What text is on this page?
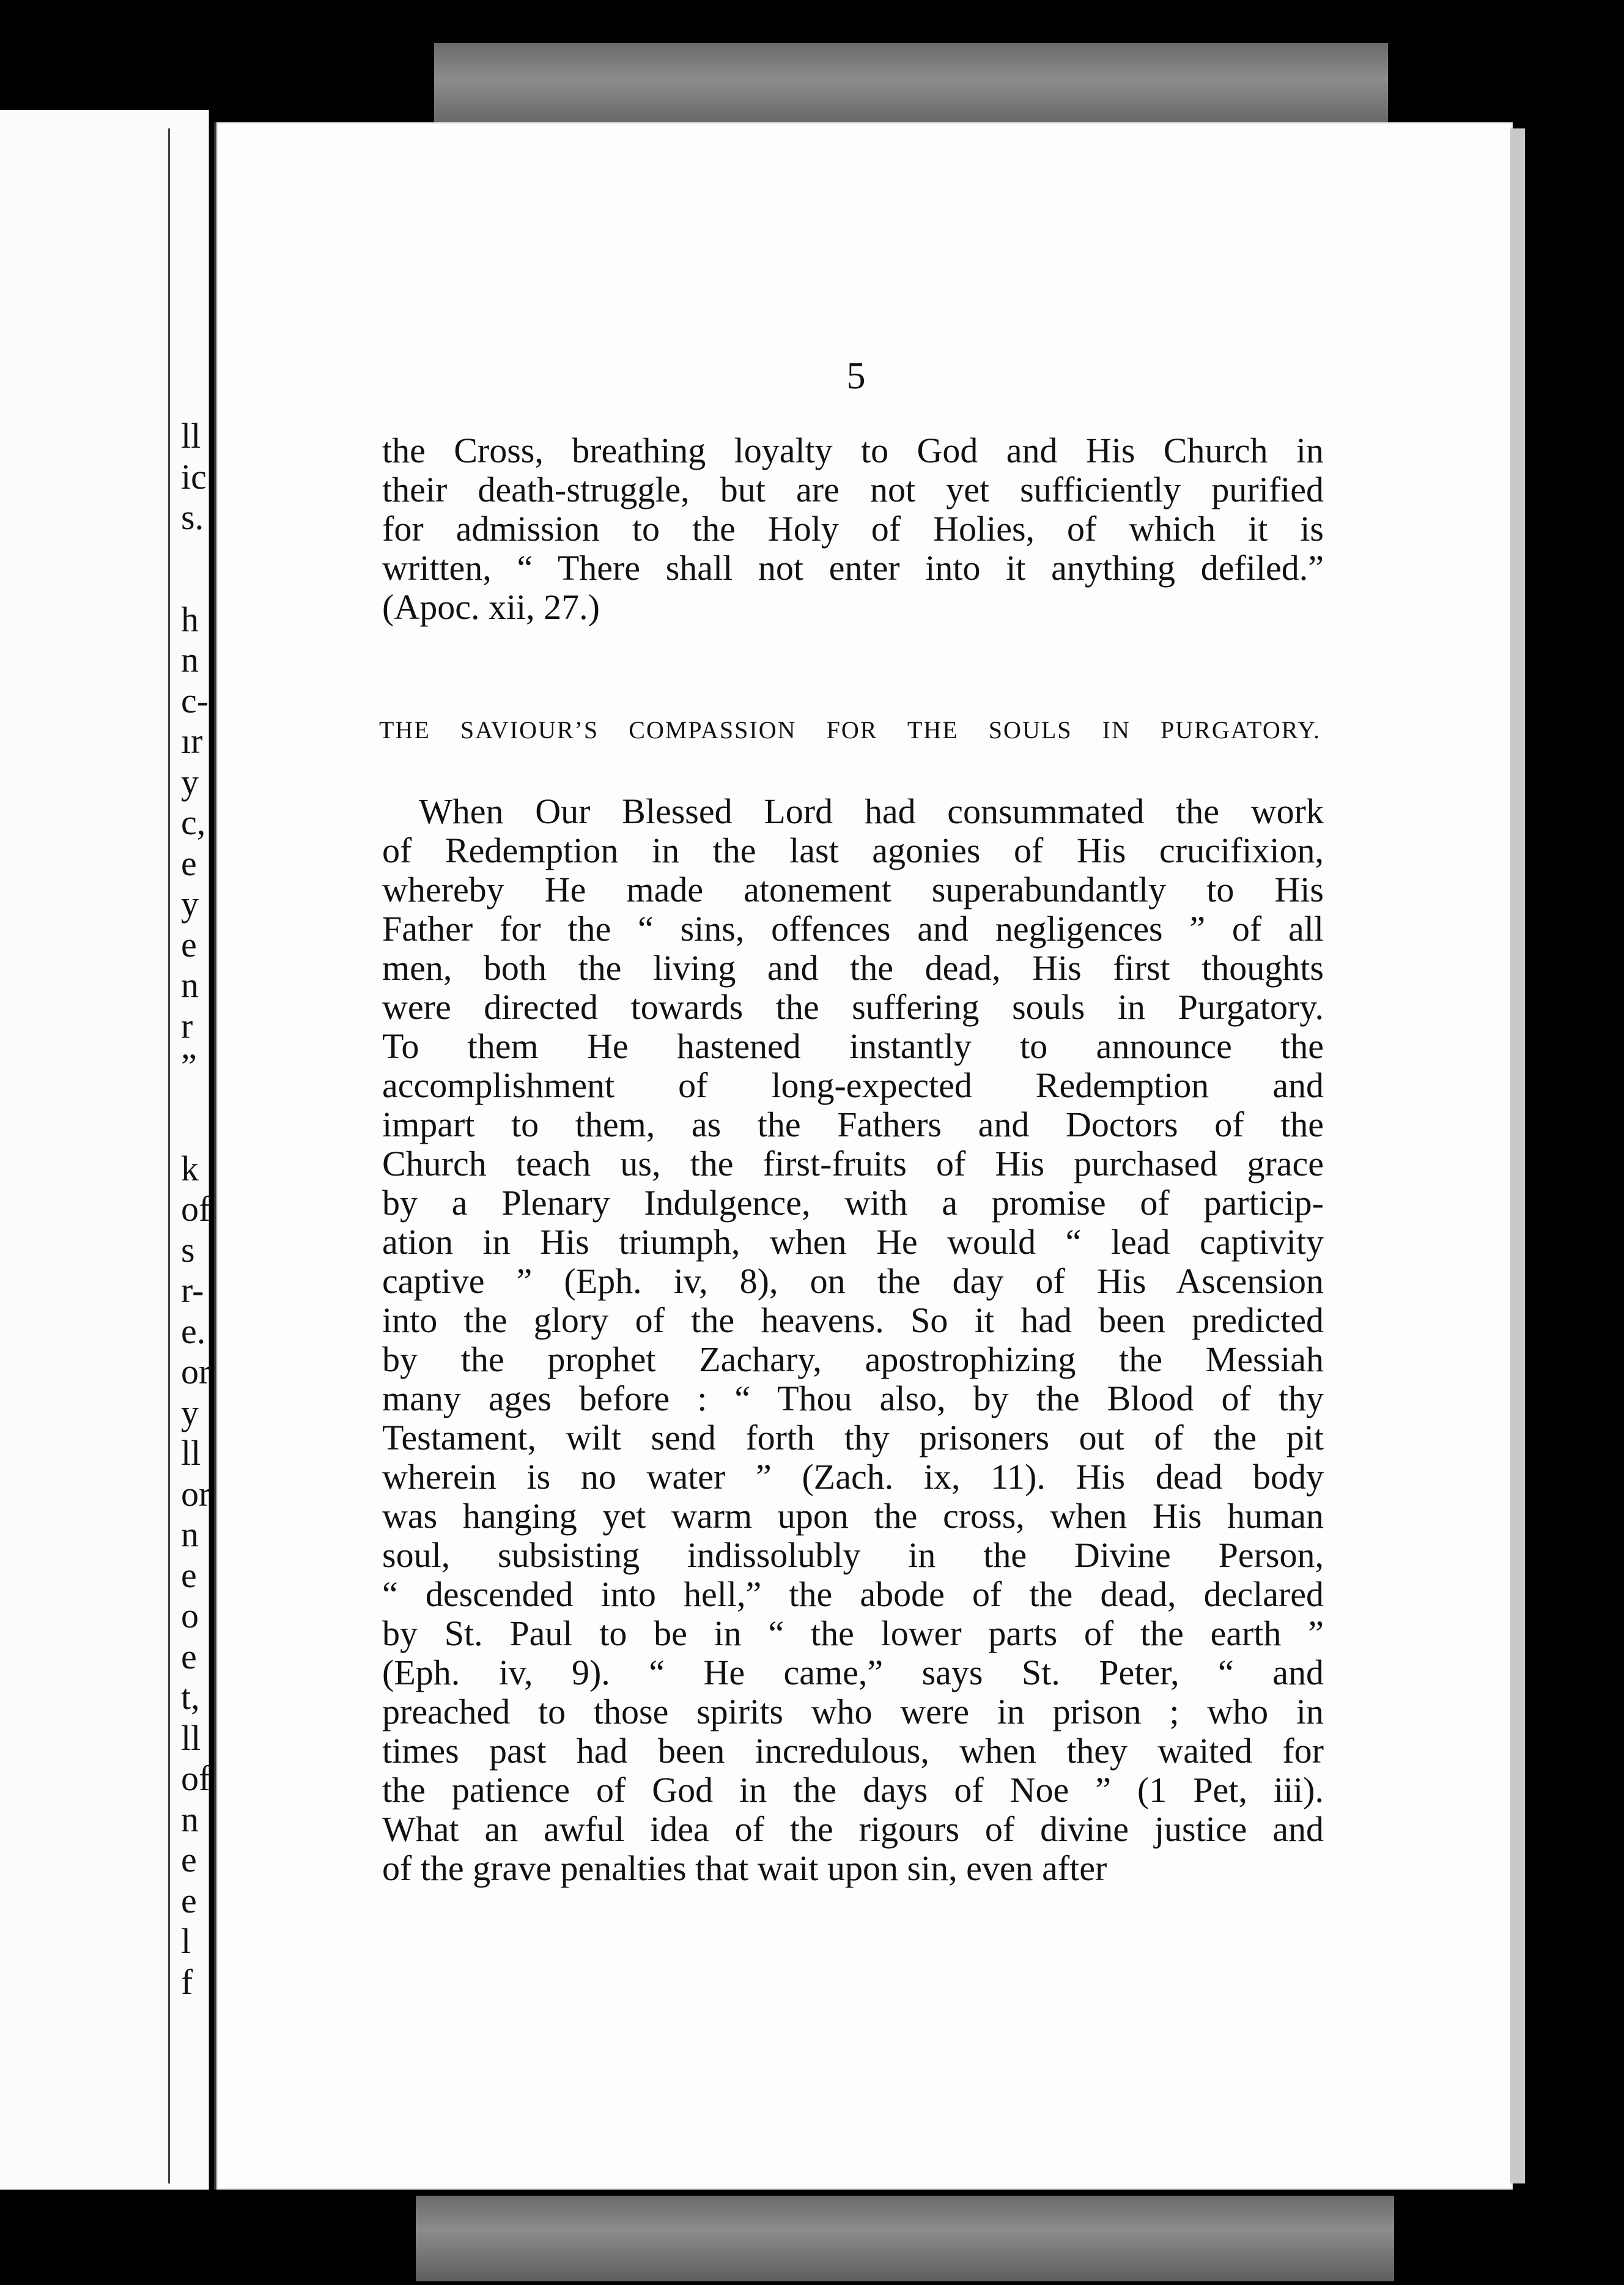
ll
ic
s.
h
n
c-
ır
y
c,
e
y
e
n
r
”
k
of
s
r-
e.
or
y
ll
or
n
e
o
e
t,
ll
of
n
e
e
l
f
5
the Cross, breathing loyalty to God and His Church in
their death-struggle, but are not yet sufficiently purified
for admission to the Holy of Holies, of which it is
written, “ There shall not enter into it anything defiled.”
(Apoc. xii, 27.)
THE SAVIOUR’S COMPASSION FOR THE SOULS IN PURGATORY.
When Our Blessed Lord had consummated the work
of Redemption in the last agonies of His crucifixion,
whereby He made atonement superabundantly to His
Father for the “ sins, offences and negligences ” of all
men, both the living and the dead, His first thoughts
were directed towards the suffering souls in Purgatory.
To them He hastened instantly to announce the
accomplishment of long-expected Redemption and
impart to them, as the Fathers and Doctors of the
Church teach us, the first-fruits of His purchased grace
by a Plenary Indulgence, with a promise of particip-
ation in His triumph, when He would “ lead captivity
captive ” (Eph. iv, 8), on the day of His Ascension
into the glory of the heavens. So it had been predicted
by the prophet Zachary, apostrophizing the Messiah
many ages before : “ Thou also, by the Blood of thy
Testament, wilt send forth thy prisoners out of the pit
wherein is no water ” (Zach. ix, 11). His dead body
was hanging yet warm upon the cross, when His human
soul, subsisting indissolubly in the Divine Person,
“ descended into hell,” the abode of the dead, declared
by St. Paul to be in “ the lower parts of the earth ”
(Eph. iv, 9). “ He came,” says St. Peter, “ and
preached to those spirits who were in prison ; who in
times past had been incredulous, when they waited for
the patience of God in the days of Noe ” (1 Pet, iii).
What an awful idea of the rigours of divine justice and
of the grave penalties that wait upon sin, even after
